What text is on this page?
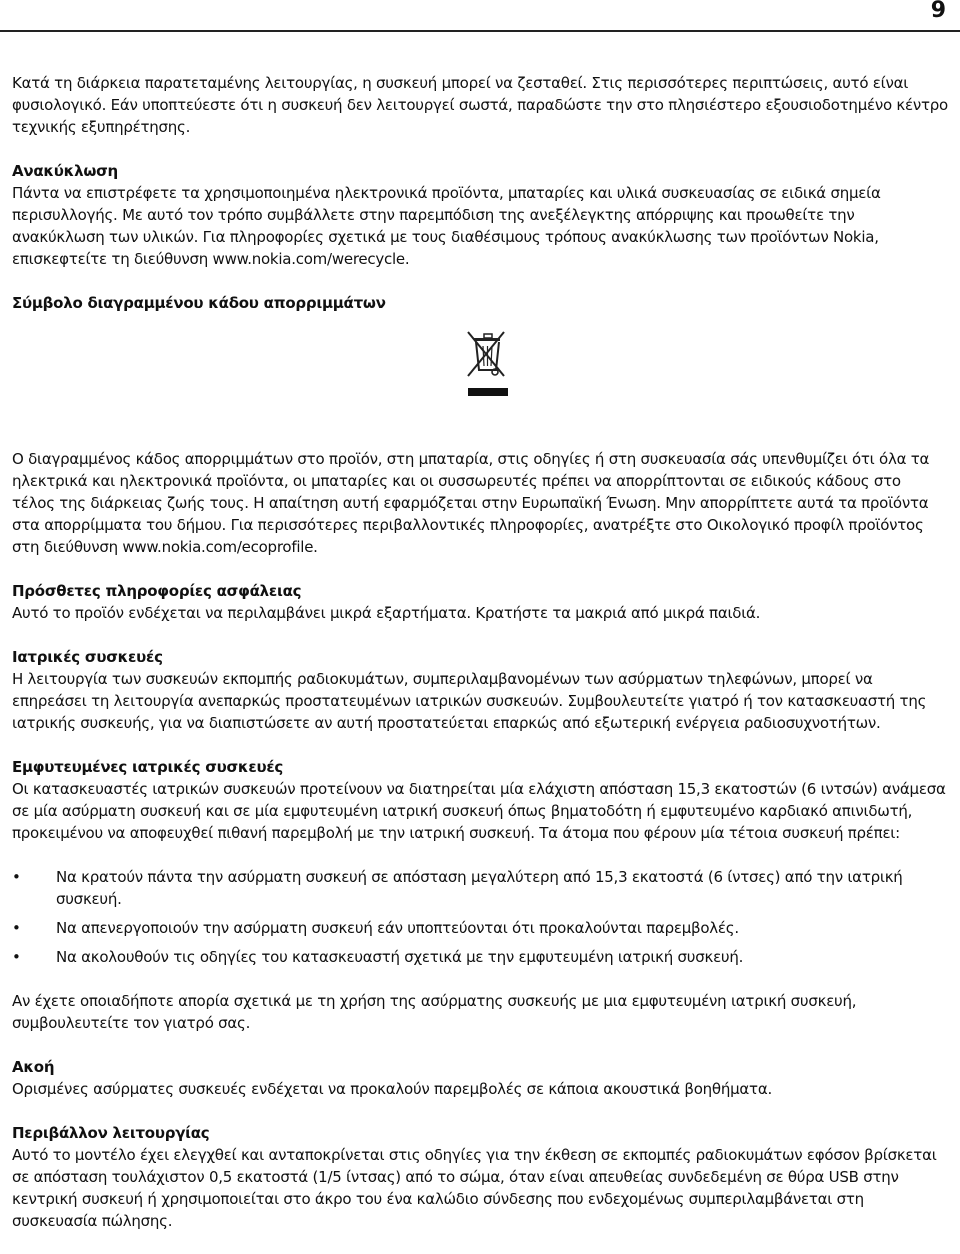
9

Κατά τη διάρκεια παρατεταμένης λειτουργίας, η συσκευή μπορεί να ζεσταθεί. Στις περισσότερες περιπτώσεις, αυτό είναι φυσιολογικό. Εάν υποπτεύεστε ότι η συσκευή δεν λειτουργεί σωστά, παραδώστε την στο πλησιέστερο εξουσιοδοτημένο κέντρο τεχνικής εξυπηρέτησης.

Ανακύκλωση

Πάντα να επιστρέφετε τα χρησιμοποιημένα ηλεκτρονικά προϊόντα, μπαταρίες και υλικά συσκευασίας σε ειδικά σημεία περισυλλογής. Με αυτό τον τρόπο συμβάλλετε στην παρεμπόδιση της ανεξέλεγκτης απόρριψης και προωθείτε την ανακύκλωση των υλικών. Για πληροφορίες σχετικά με τους διαθέσιμους τρόπους ανακύκλωσης των προϊόντων Nokia, επισκεφτείτε τη διεύθυνση www.nokia.com/werecycle.

Σύμβολο διαγραμμένου κάδου απορριμμάτων

Ο διαγραμμένος κάδος απορριμμάτων στο προϊόν, στη μπαταρία, στις οδηγίες ή στη συσκευασία σάς υπενθυμίζει ότι όλα τα ηλεκτρικά και ηλεκτρονικά προϊόντα, οι μπαταρίες και οι συσσωρευτές πρέπει να απορρίπτονται σε ειδικούς κάδους στο τέλος της διάρκειας ζωής τους. Η απαίτηση αυτή εφαρμόζεται στην Ευρωπαϊκή Ένωση. Μην απορρίπτετε αυτά τα προϊόντα στα απορρίμματα του δήμου. Για περισσότερες περιβαλλοντικές πληροφορίες, ανατρέξτε στο Οικολογικό προφίλ προϊόντος στη διεύθυνση www.nokia.com/ecoprofile.

Πρόσθετες πληροφορίες ασφάλειας

Αυτό το προϊόν ενδέχεται να περιλαμβάνει μικρά εξαρτήματα. Κρατήστε τα μακριά από μικρά παιδιά.

Ιατρικές συσκευές

Η λειτουργία των συσκευών εκπομπής ραδιοκυμάτων, συμπεριλαμβανομένων των ασύρματων τηλεφώνων, μπορεί να επηρεάσει τη λειτουργία ανεπαρκώς προστατευμένων ιατρικών συσκευών. Συμβουλευτείτε γιατρό ή τον κατασκευαστή της ιατρικής συσκευής, για να διαπιστώσετε αν αυτή προστατεύεται επαρκώς από εξωτερική ενέργεια ραδιοσυχνοτήτων.

Εμφυτευμένες ιατρικές συσκευές

Οι κατασκευαστές ιατρικών συσκευών προτείνουν να διατηρείται μία ελάχιστη απόσταση 15,3 εκατοστών (6 ιντσών) ανάμεσα σε μία ασύρματη συσκευή και σε μία εμφυτευμένη ιατρική συσκευή όπως βηματοδότη ή εμφυτευμένο καρδιακό απινιδωτή, προκειμένου να αποφευχθεί πιθανή παρεμβολή με την ιατρική συσκευή. Τα άτομα που φέρουν μία τέτοια συσκευή πρέπει:

• Να κρατούν πάντα την ασύρματη συσκευή σε απόσταση μεγαλύτερη από 15,3 εκατοστά (6 ίντσες) από την ιατρική συσκευή.
• Να απενεργοποιούν την ασύρματη συσκευή εάν υποπτεύονται ότι προκαλούνται παρεμβολές.
• Να ακολουθούν τις οδηγίες του κατασκευαστή σχετικά με την εμφυτευμένη ιατρική συσκευή.

Αν έχετε οποιαδήποτε απορία σχετικά με τη χρήση της ασύρματης συσκευής με μια εμφυτευμένη ιατρική συσκευή, συμβουλευτείτε τον γιατρό σας.

Ακοή

Ορισμένες ασύρματες συσκευές ενδέχεται να προκαλούν παρεμβολές σε κάποια ακουστικά βοηθήματα.

Περιβάλλον λειτουργίας

Αυτό το μοντέλο έχει ελεγχθεί και ανταποκρίνεται στις οδηγίες για την έκθεση σε εκπομπές ραδιοκυμάτων εφόσον βρίσκεται σε απόσταση τουλάχιστον 0,5 εκατοστά (1/5 ίντσας) από το σώμα, όταν είναι απευθείας συνδεδεμένη σε θύρα USB στην κεντρική συσκευή ή χρησιμοποιείται στο άκρο του ένα καλώδιο σύνδεσης που ενδεχομένως συμπεριλαμβάνεται στη συσκευασία πώλησης.
